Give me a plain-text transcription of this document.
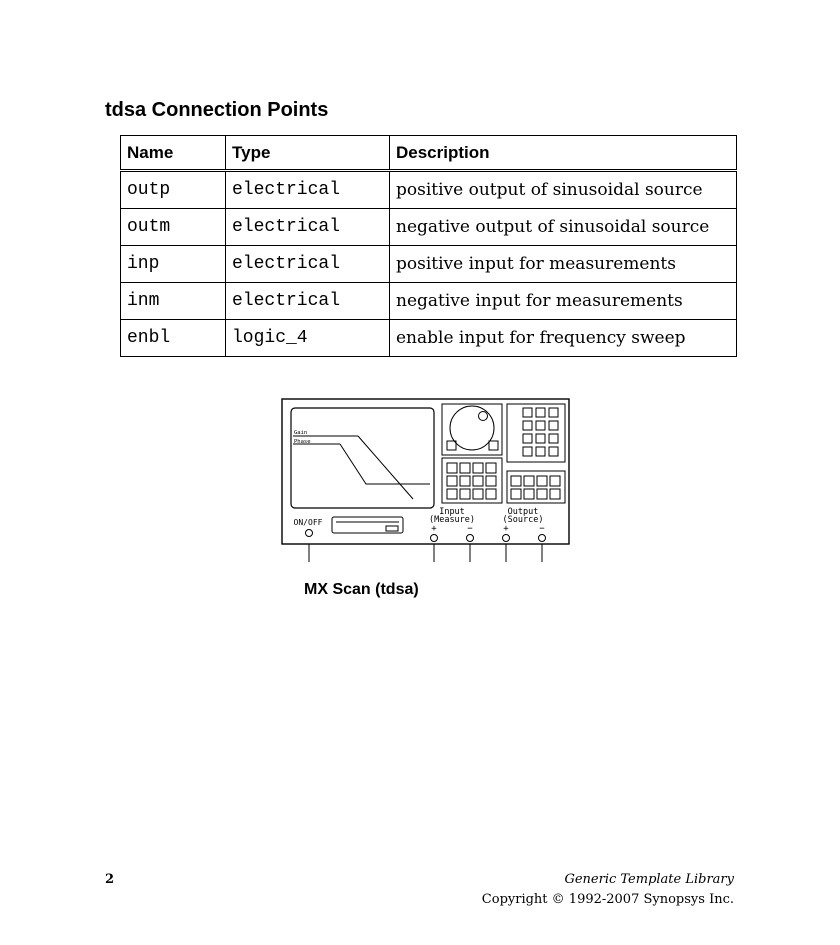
tdsa Connection Points
Name	Type	Description
outp	electrical	positive output of sinusoidal source
outm	electrical	negative output of sinusoidal source
inp	electrical	positive input for measurements
inm	electrical	negative input for measurements
enbl	logic_4	enable input for frequency sweep
Gain
Phase
ON/OFF
Input
(Measure)
Output
(Source)
+	−	+	−
MX Scan (tdsa)
2	Generic Template Library
Copyright © 1992-2007 Synopsys Inc.
